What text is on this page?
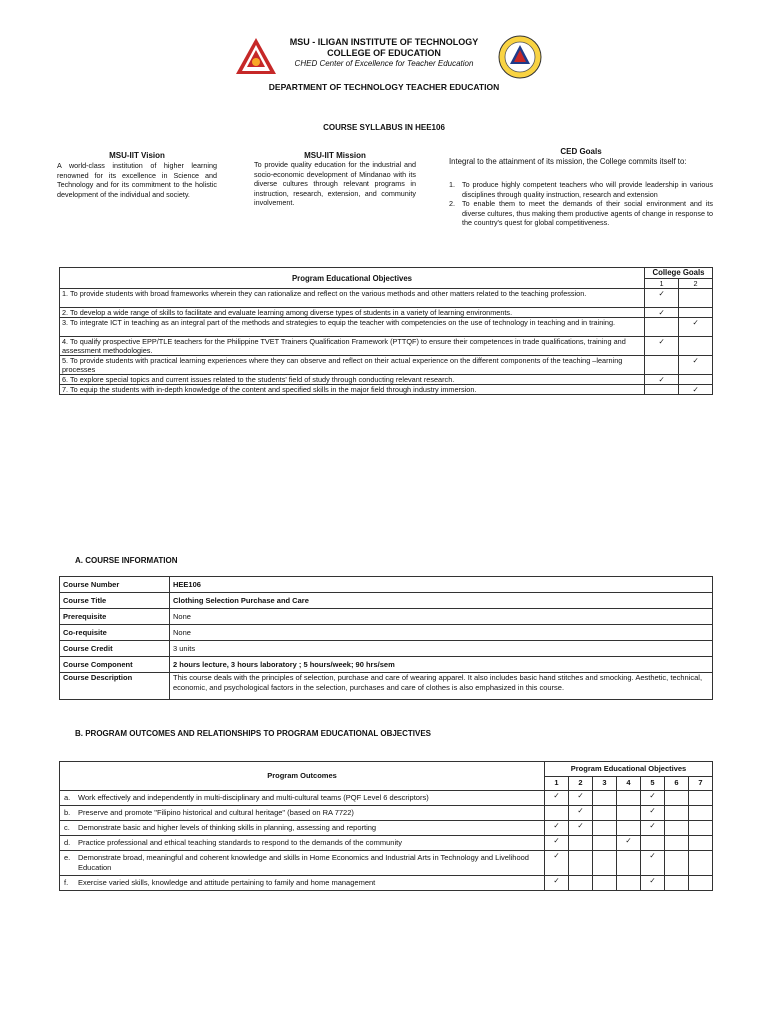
MSU - ILIGAN INSTITUTE OF TECHNOLOGY
COLLEGE OF EDUCATION
CHED Center of Excellence for Teacher Education
DEPARTMENT OF TECHNOLOGY TEACHER EDUCATION
COURSE SYLLABUS IN HEE106
MSU-IIT Vision
A world-class institution of higher learning renowned for its excellence in Science and Technology and for its commitment to the holistic development of the individual and society.
MSU-IIT Mission
To provide quality education for the industrial and socio-economic development of Mindanao with its diverse cultures through relevant programs in instruction, research, extension, and community involvement.
CED Goals
Integral to the attainment of its mission, the College commits itself to:
1. To produce highly competent teachers who will provide leadership in various disciplines through quality instruction, research and extension
2. To enable them to meet the demands of their social environment and its diverse cultures, thus making them productive agents of change in response to the country's quest for global competitiveness.
Program Educational Objectives	College Goals	
	1	2
1. To provide students with broad frameworks wherein they can rationalize and reflect on the various methods and other matters related to the teaching profession.	✓	
2. To develop a wide range of skills to facilitate and evaluate learning among diverse types of students in a variety of learning environments.	✓	
3. To integrate ICT in teaching as an integral part of the methods and strategies to equip the teacher with competencies on the use of technology in teaching and in training.		✓
4. To qualify prospective EPP/TLE teachers for the Philippine TVET Trainers Qualification Framework (PTTQF) to ensure their competences in trade qualifications, training and assessment methodologies.	✓	
5. To provide students with practical learning experiences where they can observe and reflect on their actual experience on the different components of the teaching –learning processes		✓
6. To explore special topics and current issues related to the students' field of study through conducting relevant research.	✓	
7. To equip the students with in-depth knowledge of the content and specified skills in the major field through industry immersion.		✓
A. COURSE INFORMATION
Course Number	HEE106
Course Title	Clothing Selection Purchase and Care
Prerequisite	None
Co-requisite	None
Course Credit	3 units
Course Component	2 hours lecture, 3 hours laboratory ; 5 hours/week; 90 hrs/sem
Course Description	This course deals with the principles of selection, purchase and care of wearing apparel. It also includes basic hand stitches and smocking. Aesthetic, technical, economic, and psychological factors in the selection, purchases and care of clothes is also emphasized in this course.
B. PROGRAM OUTCOMES AND RELATIONSHIPS TO PROGRAM EDUCATIONAL OBJECTIVES
Program Outcomes	Program Educational Objectives						
	1	2	3	4	5	6	7

a. Work effectively and independently in multi-disciplinary and multi-cultural teams (PQF Level 6 descriptors)	✓	✓			✓		

b. Preserve and promote "Filipino historical and cultural heritage" (based on RA 7722)		✓			✓		

c. Demonstrate basic and higher levels of thinking skills in planning, assessing and reporting	✓	✓			✓		

d. Practice professional and ethical teaching standards to respond to the demands of the community	✓			✓			

e. Demonstrate broad, meaningful and coherent knowledge and skills in Home Economics and Industrial Arts in Technology and Livelihood Education	✓				✓		

f. Exercise varied skills, knowledge and attitude pertaining to family and home management	✓				✓		
